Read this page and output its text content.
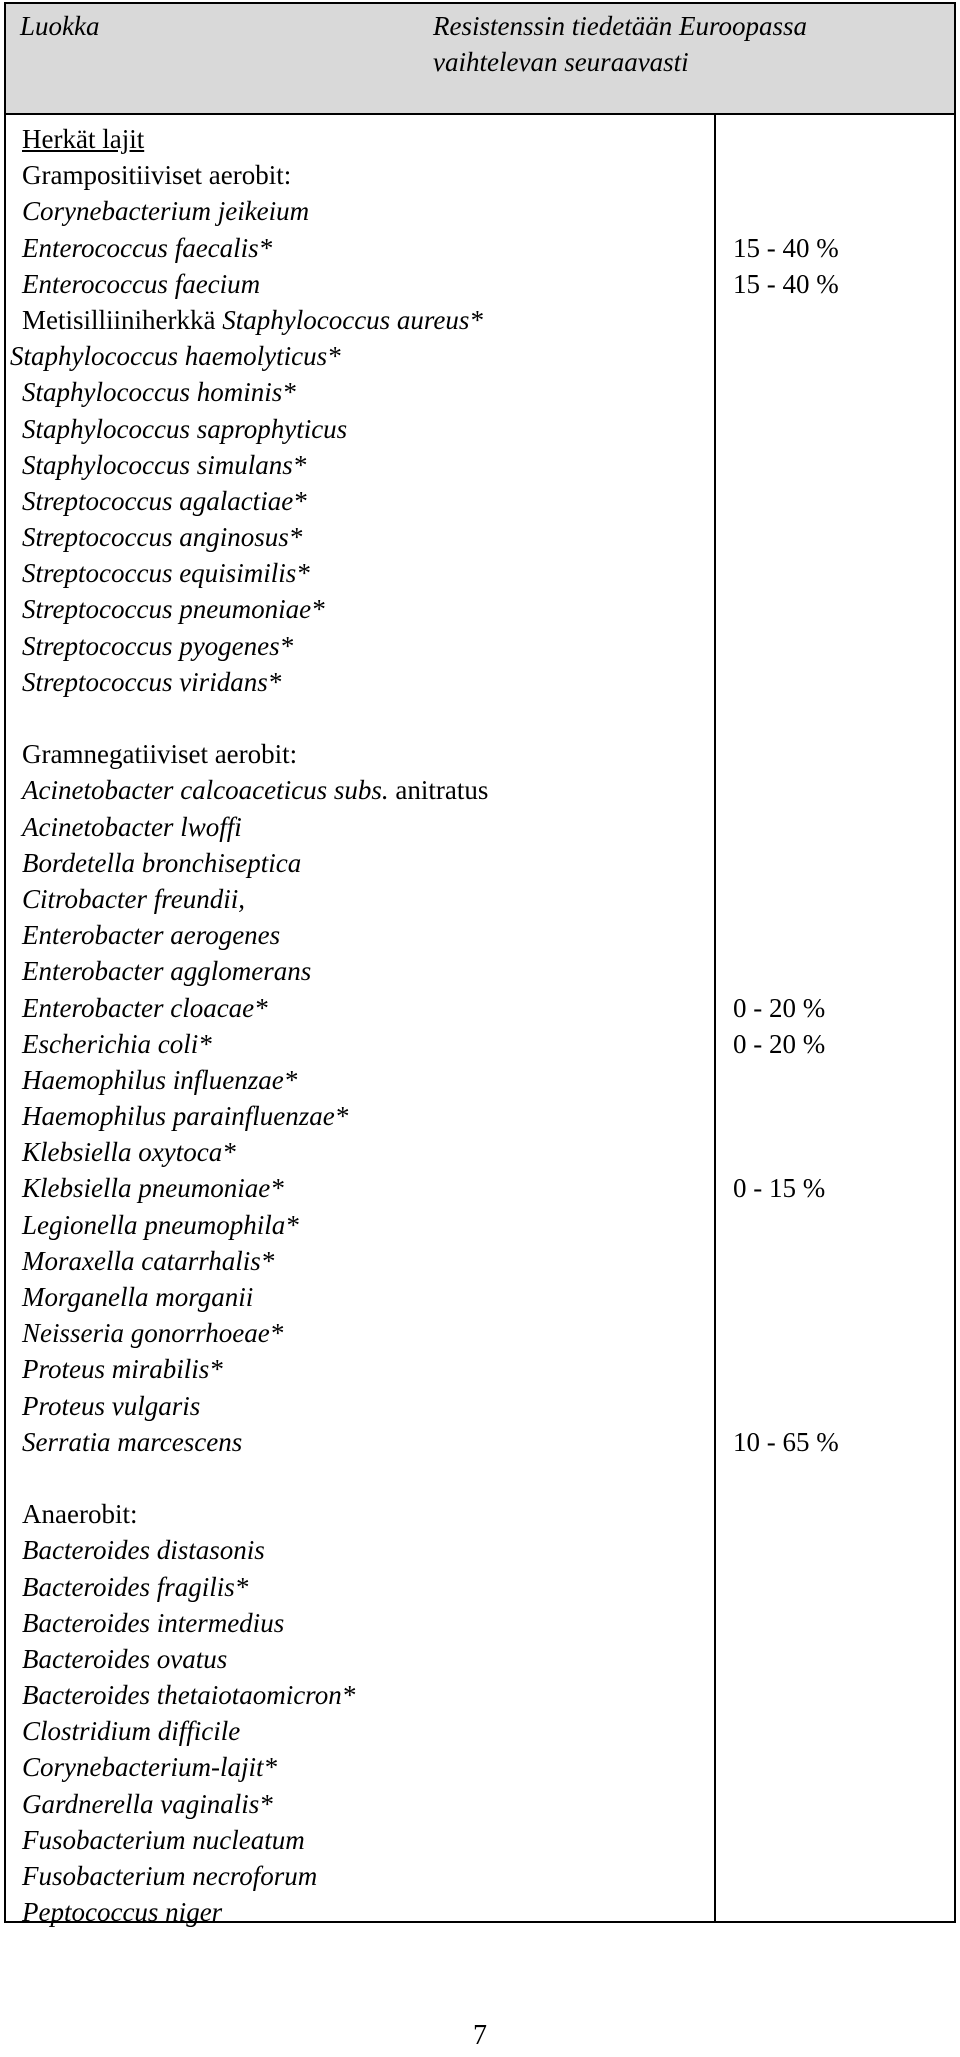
Luokka	Resistenssin tiedetään Euroopassa vaihtelevan seuraavasti
Herkät lajit
Grampositiiviset aerobit:
Corynebacterium jeikeium
Enterococcus faecalis*
Enterococcus faecium
Metisilliiniherkkä Staphylococcus aureus*
Staphylococcus haemolyticus*
Staphylococcus hominis*
Staphylococcus saprophyticus
Staphylococcus simulans*
Streptococcus agalactiae*
Streptococcus anginosus*
Streptococcus equisimilis*
Streptococcus pneumoniae*
Streptococcus pyogenes*
Streptococcus viridans*
Gramnegatiiviset aerobit:
Acinetobacter calcoaceticus subs. anitratus
Acinetobacter lwoffi
Bordetella bronchiseptica
Citrobacter freundii,
Enterobacter aerogenes
Enterobacter agglomerans
Enterobacter cloacae*
Escherichia coli*
Haemophilus influenzae*
Haemophilus parainfluenzae*
Klebsiella oxytoca*
Klebsiella pneumoniae*
Legionella pneumophila*
Moraxella catarrhalis*
Morganella morganii
Neisseria gonorrhoeae*
Proteus mirabilis*
Proteus vulgaris
Serratia marcescens
Anaerobit:
Bacteroides distasonis
Bacteroides fragilis*
Bacteroides intermedius
Bacteroides ovatus
Bacteroides thetaiotaomicron*
Clostridium difficile
Corynebacterium-lajit*
Gardnerella vaginalis*
Fusobacterium nucleatum
Fusobacterium necroforum
Peptococcus niger
15 - 40 %
15 - 40 %
0 - 20 %
0 - 20 %
0 - 15 %
10 - 65 %
7
